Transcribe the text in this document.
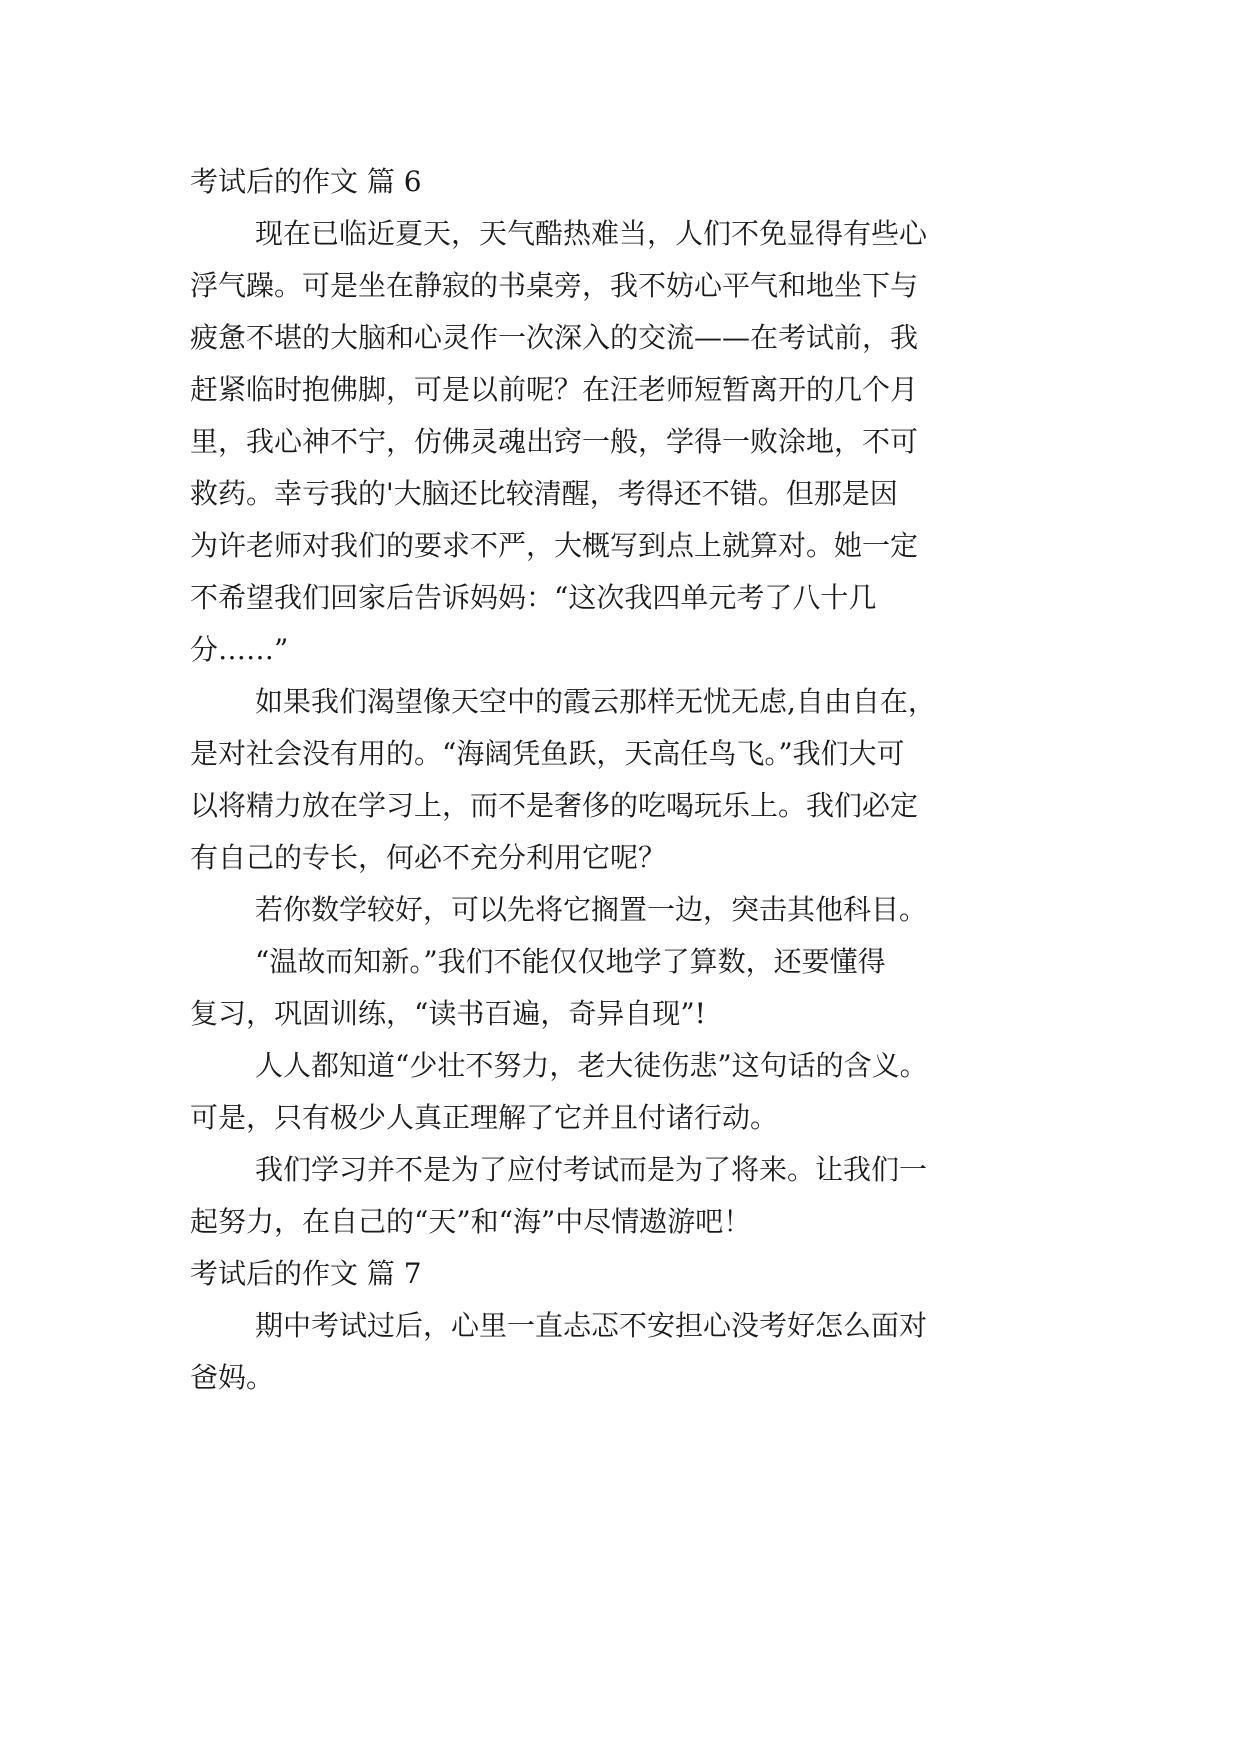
考试后的作文 篇 6
现在已临近夏天，天气酷热难当，人们不免显得有些心
浮气躁。可是坐在静寂的书桌旁，我不妨心平气和地坐下与
疲惫不堪的大脑和心灵作一次深入的交流——在考试前，我
赶紧临时抱佛脚，可是以前呢？在汪老师短暂离开的几个月
里，我心神不宁，仿佛灵魂出窍一般，学得一败涂地，不可
救药。幸亏我的'大脑还比较清醒，考得还不错。但那是因
为许老师对我们的要求不严，大概写到点上就算对。她一定
不希望我们回家后告诉妈妈：“这次我四单元考了八十几
分……”
如果我们渴望像天空中的霞云那样无忧无虑,自由自在，
是对社会没有用的。“海阔凭鱼跃，天高任鸟飞。”我们大可
以将精力放在学习上，而不是奢侈的吃喝玩乐上。我们必定
有自己的专长，何必不充分利用它呢？
若你数学较好，可以先将它搁置一边，突击其他科目。
“温故而知新。”我们不能仅仅地学了算数，还要懂得
复习，巩固训练，“读书百遍，奇异自现”!
人人都知道“少壮不努力，老大徒伤悲”这句话的含义。
可是，只有极少人真正理解了它并且付诸行动。
我们学习并不是为了应付考试而是为了将来。让我们一
起努力，在自己的“天”和“海”中尽情遨游吧！
考试后的作文 篇 7
期中考试过后，心里一直忐忑不安担心没考好怎么面对
爸妈。
